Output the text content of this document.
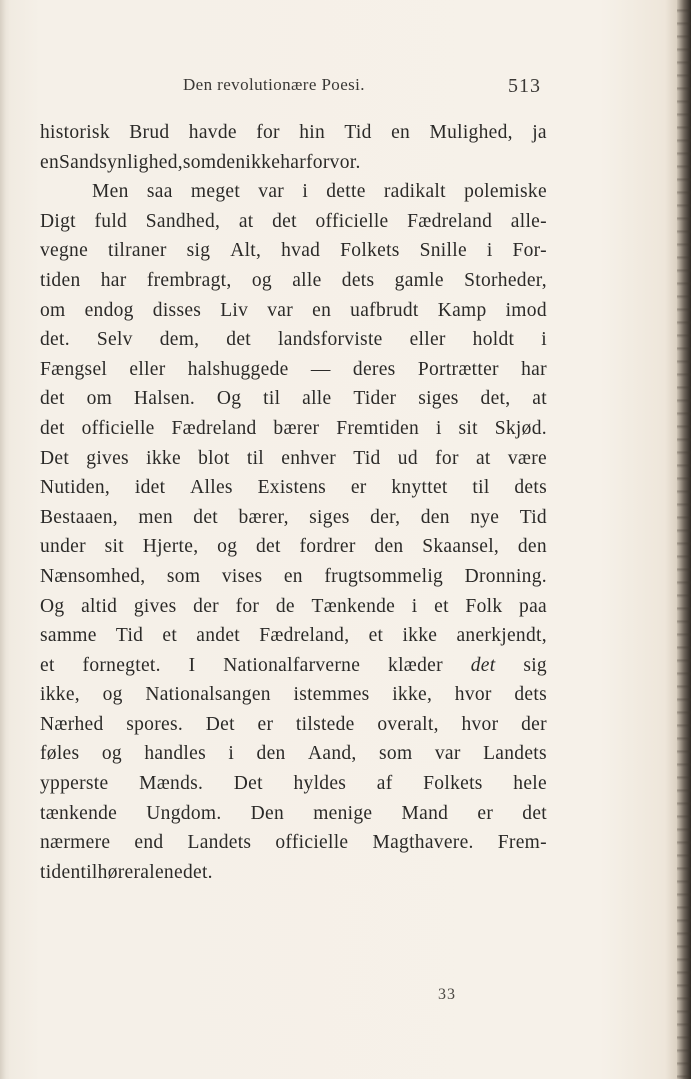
Den revolutionære Poesi.	513
historisk Brud havde for hin Tid en Mulighed, ja
en Sandsynlighed, som den ikke har for vor.
Men saa meget var i dette radikalt polemiske
Digt fuld Sandhed, at det officielle Fædreland alle-
vegne tilraner sig Alt, hvad Folkets Snille i For-
tiden har frembragt, og alle dets gamle Storheder,
om endog disses Liv var en uafbrudt Kamp imod
det. Selv dem, det landsforviste eller holdt i
Fængsel eller halshuggede — deres Portrætter har
det om Halsen. Og til alle Tider siges det, at
det officielle Fædreland bærer Fremtiden i sit Skjød.
Det gives ikke blot til enhver Tid ud for at være
Nutiden, idet Alles Existens er knyttet til dets
Bestaaen, men det bærer, siges der, den nye Tid
under sit Hjerte, og det fordrer den Skaansel, den
Nænsomhed, som vises en frugtsommelig Dronning.
Og altid gives der for de Tænkende i et Folk paa
samme Tid et andet Fædreland, et ikke anerkjendt,
et fornegtet. I Nationalfarverne klæder det sig
ikke, og Nationalsangen istemmes ikke, hvor dets
Nærhed spores. Det er tilstede overalt, hvor der
føles og handles i den Aand, som var Landets
ypperste Mænds. Det hyldes af Folkets hele
tænkende Ungdom. Den menige Mand er det
nærmere end Landets officielle Magthavere. Frem-
tiden tilhører alene det.
33
